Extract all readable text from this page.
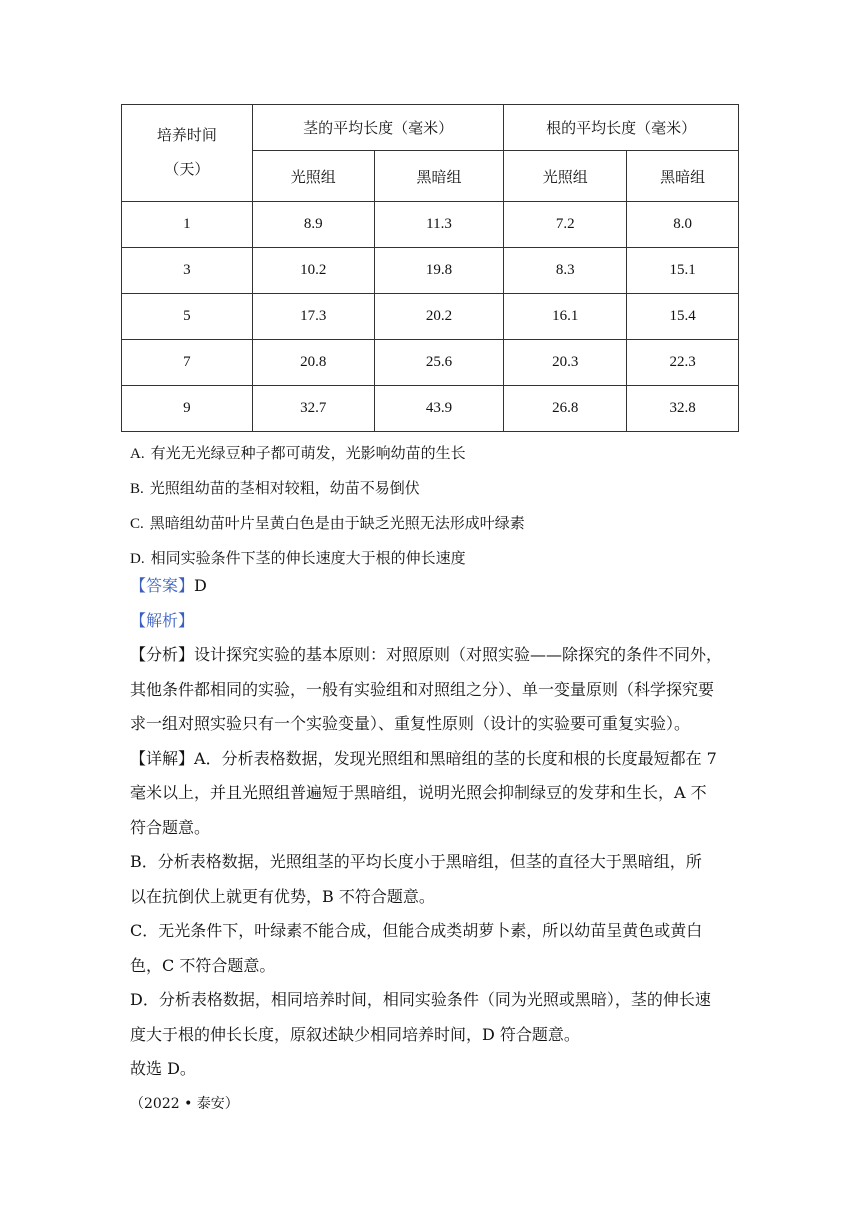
培养时间
（天）	茎的平均长度（毫米）		根的平均长度（毫米）	
	光照组	黑暗组	光照组	黑暗组
1	8.9	11.3	7.2	8.0
3	10.2	19.8	8.3	15.1
5	17.3	20.2	16.1	15.4
7	20.8	25.6	20.3	22.3
9	32.7	43.9	26.8	32.8
A. 有光无光绿豆种子都可萌发，光影响幼苗的生长
B. 光照组幼苗的茎相对较粗，幼苗不易倒伏
C. 黑暗组幼苗叶片呈黄白色是由于缺乏光照无法形成叶绿素
D. 相同实验条件下茎的伸长速度大于根的伸长速度
【答案】D
【解析】
【分析】设计探究实验的基本原则：对照原则（对照实验——除探究的条件不同外，
其他条件都相同的实验，一般有实验组和对照组之分）、单一变量原则（科学探究要
求一组对照实验只有一个实验变量）、重复性原则（设计的实验要可重复实验）。
【详解】A．分析表格数据，发现光照组和黑暗组的茎的长度和根的长度最短都在 7
毫米以上，并且光照组普遍短于黑暗组，说明光照会抑制绿豆的发芽和生长，A 不
符合题意。
B．分析表格数据，光照组茎的平均长度小于黑暗组，但茎的直径大于黑暗组，所
以在抗倒伏上就更有优势，B 不符合题意。
C．无光条件下，叶绿素不能合成，但能合成类胡萝卜素，所以幼苗呈黄色或黄白
色，C 不符合题意。
D．分析表格数据，相同培养时间，相同实验条件（同为光照或黑暗），茎的伸长速
度大于根的伸长长度，原叙述缺少相同培养时间，D 符合题意。
故选 D。
（2022 • 泰安）
